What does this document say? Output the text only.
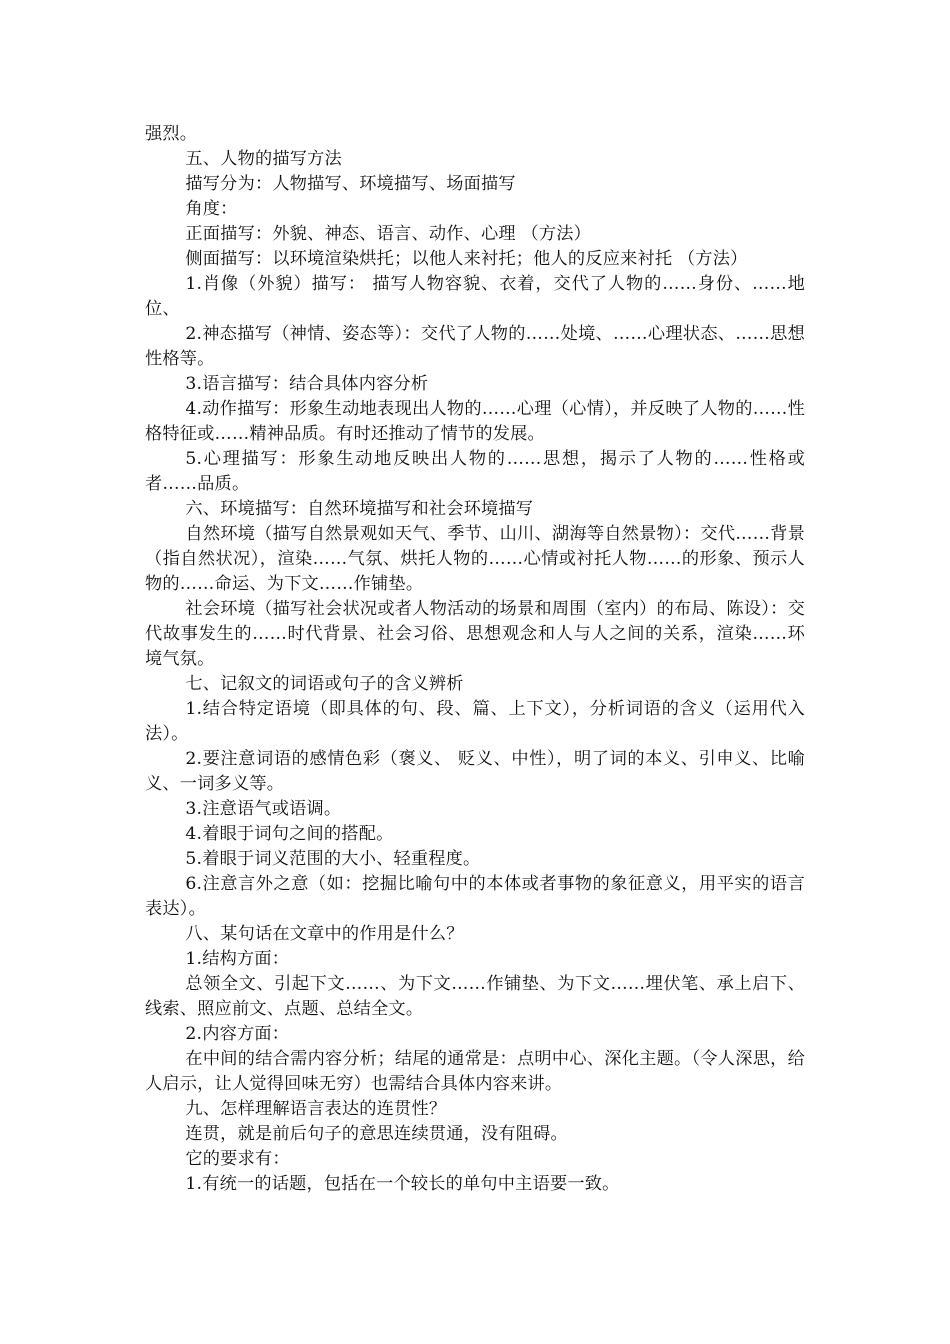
强烈。

五、人物的描写方法

描写分为：人物描写、环境描写、场面描写

角度：

正面描写：外貌、神态、语言、动作、心理 （方法）

侧面描写：以环境渲染烘托；以他人来衬托；他人的反应来衬托 （方法）

1.肖像（外貌）描写： 描写人物容貌、衣着，交代了人物的……身份、……地位、

2.神态描写（神情、姿态等）：交代了人物的……处境、……心理状态、……思想性格等。

3.语言描写：结合具体内容分析

4.动作描写：形象生动地表现出人物的……心理（心情），并反映了人物的……性格特征或……精神品质。有时还推动了情节的发展。

5.心理描写：形象生动地反映出人物的……思想，揭示了人物的……性格或者……品质。

六、环境描写：自然环境描写和社会环境描写

自然环境（描写自然景观如天气、季节、山川、湖海等自然景物）：交代……背景（指自然状况），渲染……气氛、烘托人物的……心情或衬托人物……的形象、预示人物的……命运、为下文……作铺垫。

社会环境（描写社会状况或者人物活动的场景和周围（室内）的布局、陈设）：交代故事发生的……时代背景、社会习俗、思想观念和人与人之间的关系，渲染……环境气氛。

七、记叙文的词语或句子的含义辨析

1.结合特定语境（即具体的句、段、篇、上下文），分析词语的含义（运用代入法）。

2.要注意词语的感情色彩（褒义、 贬义、中性），明了词的本义、引申义、比喻义、一词多义等。

3.注意语气或语调。

4.着眼于词句之间的搭配。

5.着眼于词义范围的大小、轻重程度。

6.注意言外之意（如：挖掘比喻句中的本体或者事物的象征意义，用平实的语言表达）。

八、某句话在文章中的作用是什么？

1.结构方面：

总领全文、引起下文……、为下文……作铺垫、为下文……埋伏笔、承上启下、线索、照应前文、点题、总结全文。

2.内容方面：

在中间的结合需内容分析；结尾的通常是：点明中心、深化主题。（令人深思，给人启示，让人觉得回味无穷）也需结合具体内容来讲。

九、怎样理解语言表达的连贯性？

连贯，就是前后句子的意思连续贯通，没有阻碍。

它的要求有：

1.有统一的话题，包括在一个较长的单句中主语要一致。
